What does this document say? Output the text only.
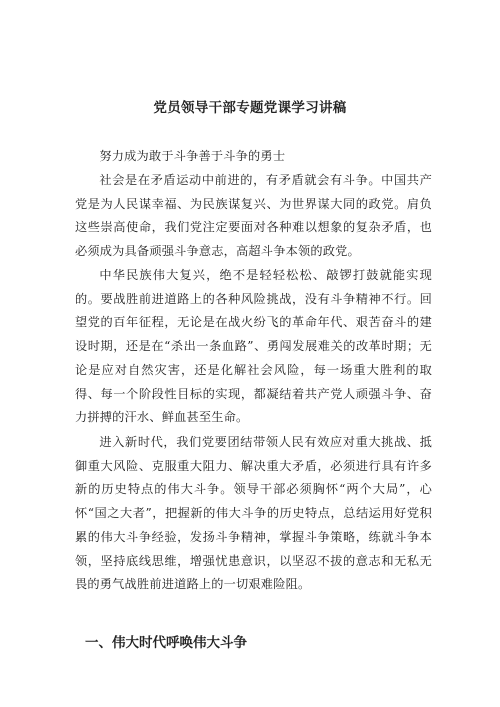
党员领导干部专题党课学习讲稿

努力成为敢于斗争善于斗争的勇士

社会是在矛盾运动中前进的，有矛盾就会有斗争。中国共产党是为人民谋幸福、为民族谋复兴、为世界谋大同的政党。肩负这些崇高使命，我们党注定要面对各种难以想象的复杂矛盾，也必须成为具备顽强斗争意志，高超斗争本领的政党。

中华民族伟大复兴，绝不是轻轻松松、敲锣打鼓就能实现的。要战胜前进道路上的各种风险挑战，没有斗争精神不行。回望党的百年征程，无论是在战火纷飞的革命年代、艰苦奋斗的建设时期，还是在“杀出一条血路”、勇闯发展难关的改革时期；无论是应对自然灾害，还是化解社会风险，每一场重大胜利的取得、每一个阶段性目标的实现，都凝结着共产党人顽强斗争、奋力拼搏的汗水、鲜血甚至生命。

进入新时代，我们党要团结带领人民有效应对重大挑战、抵御重大风险、克服重大阻力、解决重大矛盾，必须进行具有许多新的历史特点的伟大斗争。领导干部必须胸怀“两个大局”，心怀“国之大者”，把握新的伟大斗争的历史特点，总结运用好党积累的伟大斗争经验，发扬斗争精神，掌握斗争策略，练就斗争本领，坚持底线思维，增强忧患意识，以坚忍不拔的意志和无私无畏的勇气战胜前进道路上的一切艰难险阻。

一、伟大时代呼唤伟大斗争
